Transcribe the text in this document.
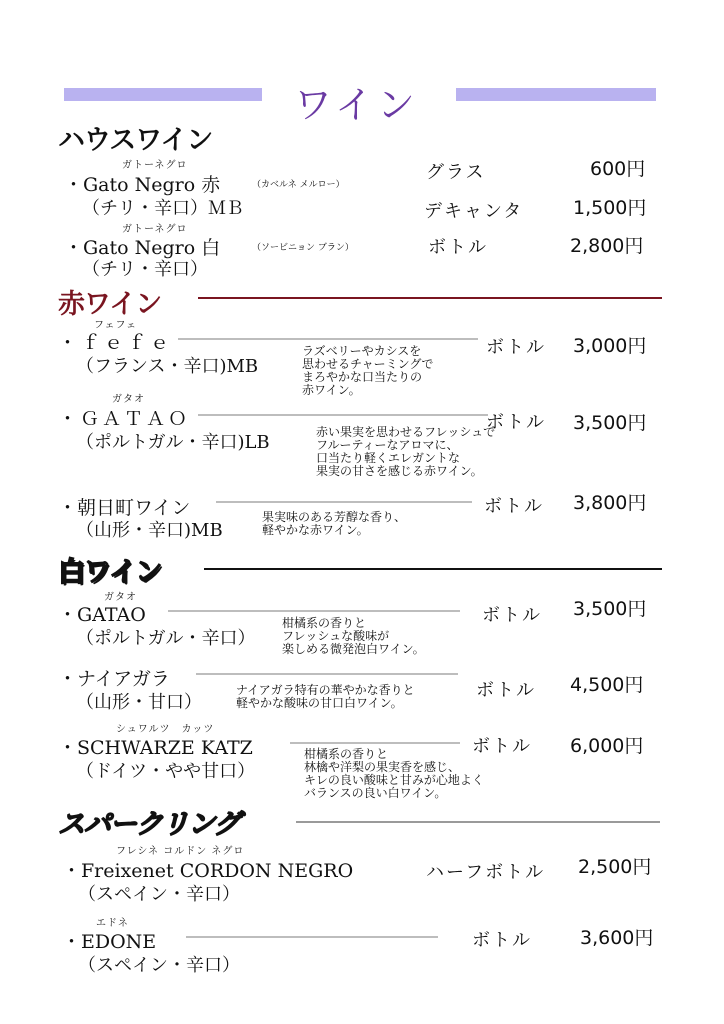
ワイン
ハウスワイン
ガトーネグロ
・Gato Negro 赤	（カベルネ メルロー）
（チリ・辛口）ＭＢ
ガトーネグロ
・Gato Negro 白	（ソービニョン ブラン）
（チリ・辛口）
グラス	600円
デキャンタ	1,500円
ボトル	2,800円
赤ワイン
フェフェ
・ｆｅｆｅ
（フランス・辛口)MB
ラズベリーやカシスを
思わせるチャーミングで
まろやかな口当たりの
赤ワイン。
ボトル 3,000円
ガタオ
・ＧＡＴＡＯ
（ポルトガル・辛口)LB	赤い果実を思わせるフレッシュで
フルーティーなアロマに、
口当たり軽くエレガントな
果実の甘さを感じる赤ワイン。
ボトル 3,500円
・朝日町ワイン
（山形・辛口)MB
果実味のある芳醇な香り、
軽やかな赤ワイン。
ボトル 3,800円
白ワイン
ガタオ
・GATAO
（ポルトガル・辛口）
柑橘系の香りと
フレッシュな酸味が
楽しめる微発泡白ワイン。
ボトル 3,500円
・ナイアガラ
（山形・甘口）
ナイアガラ特有の華やかな香りと
軽やかな酸味の甘口白ワイン。
ボトル 4,500円
シュワルツ　カッツ
・SCHWARZE KATZ
（ドイツ・やや甘口）
柑橘系の香りと
林檎や洋梨の果実香を感じ、
キレの良い酸味と甘みが心地よく
バランスの良い白ワイン。
ボトル 6,000円
スパークリング
フレシネ コルドン ネグロ
・Freixenet CORDON NEGRO
（スペイン・辛口）
ハーフボトル 2,500円
エドネ
・EDONE
（スペイン・辛口）
ボトル	3,600円
